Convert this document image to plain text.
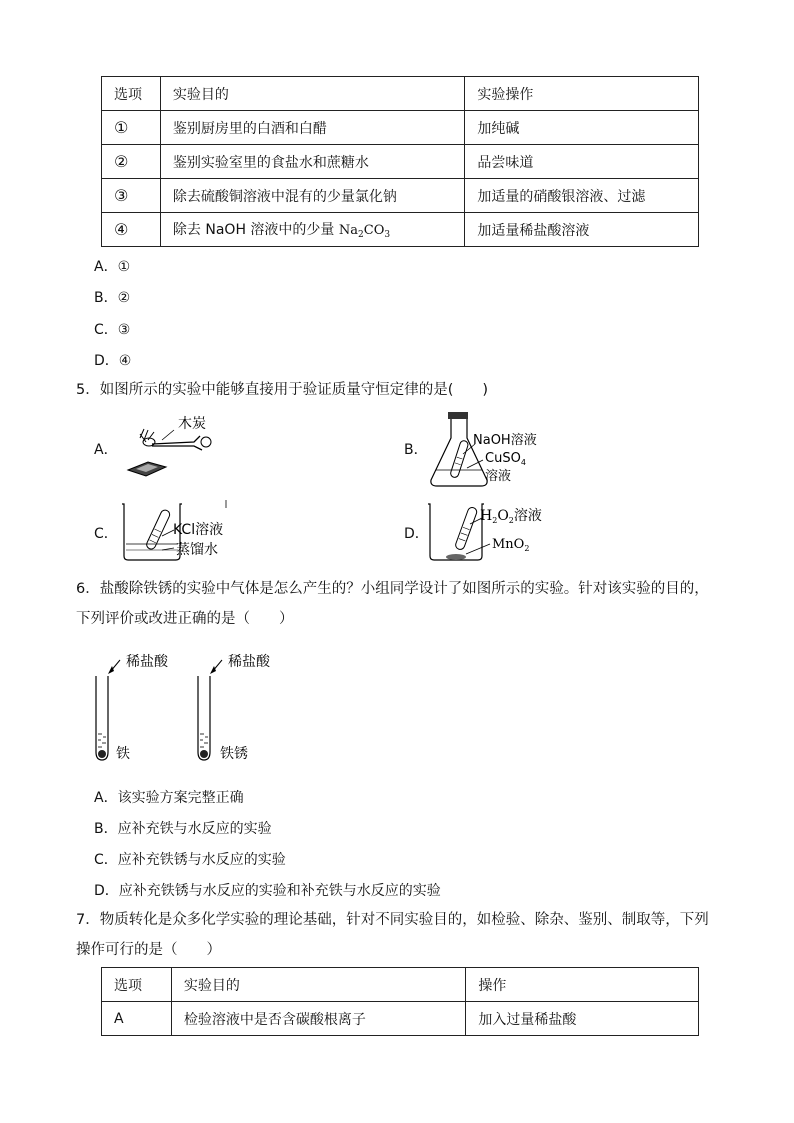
选项	实验目的	实验操作
①	鉴别厨房里的白酒和白醋	加纯碱
②	鉴别实验室里的食盐水和蔗糖水	品尝味道
③	除去硫酸铜溶液中混有的少量氯化钠	加适量的硝酸银溶液、过滤
④	除去 NaOH 溶液中的少量 $Na_2CO_3$	加适量稀盐酸溶液
A．①
B．②
C．③
D．④
5．如图所示的实验中能够直接用于验证质量守恒定律的是(　　)
A．
木炭
B．
NaOH溶液
CuSO$_4$
溶液
C．	KCl溶液
蒸馏水
D．
$H_2O_2$溶液
MnO$_2$
6．盐酸除铁锈的实验中气体是怎么产生的？小组同学设计了如图所示的实验。针对该实验的目的，
下列评价或改进正确的是（　　）
稀盐酸
铁
稀盐酸
铁锈
A．该实验方案完整正确
B．应补充铁与水反应的实验
C．应补充铁锈与水反应的实验
D．应补充铁锈与水反应的实验和补充铁与水反应的实验
7．物质转化是众多化学实验的理论基础，针对不同实验目的，如检验、除杂、鉴别、制取等，下列
操作可行的是（　　）
选项	实验目的	操作
A	检验溶液中是否含碳酸根离子	加入过量稀盐酸
